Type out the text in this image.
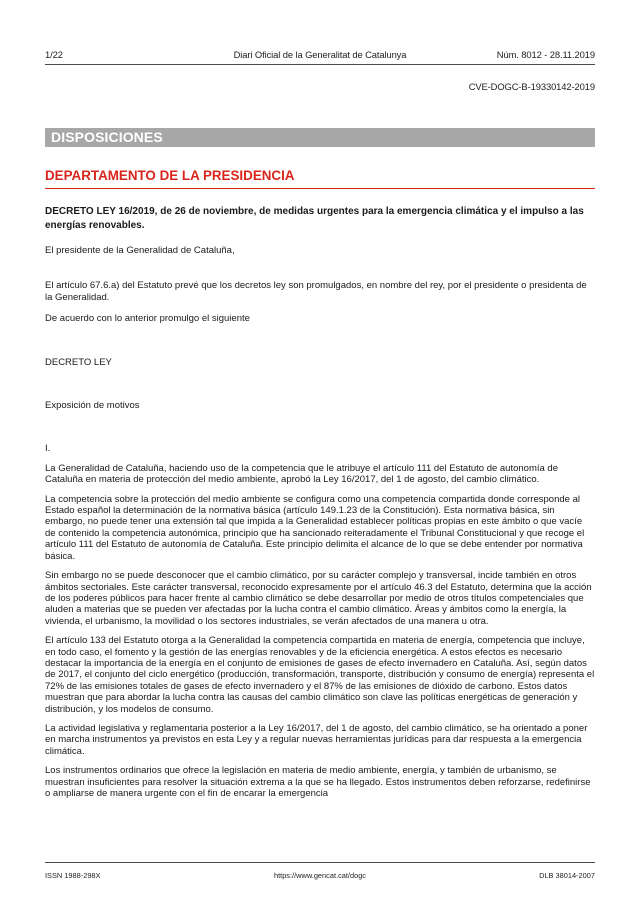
1/22	Diari Oficial de la Generalitat de Catalunya	Núm. 8012 - 28.11.2019
CVE-DOGC-B-19330142-2019
DISPOSICIONES
DEPARTAMENTO DE LA PRESIDENCIA

DECRETO LEY 16/2019, de 26 de noviembre, de medidas urgentes para la emergencia climática y el impulso a las energías renovables.

El presidente de la Generalidad de Cataluña,

El artículo 67.6.a) del Estatuto prevé que los decretos ley son promulgados, en nombre del rey, por el presidente o presidenta de la Generalidad.

De acuerdo con lo anterior promulgo el siguiente

DECRETO LEY

Exposición de motivos

I.

La Generalidad de Cataluña, haciendo uso de la competencia que le atribuye el artículo 111 del Estatuto de autonomía de Cataluña en materia de protección del medio ambiente, aprobó la Ley 16/2017, del 1 de agosto, del cambio climático.

La competencia sobre la protección del medio ambiente se configura como una competencia compartida donde corresponde al Estado español la determinación de la normativa básica (artículo 149.1.23 de la Constitución). Esta normativa básica, sin embargo, no puede tener una extensión tal que impida a la Generalidad establecer políticas propias en este ámbito o que vacíe de contenido la competencia autonómica, principio que ha sancionado reiteradamente el Tribunal Constitucional y que recoge el artículo 111 del Estatuto de autonomía de Cataluña. Este principio delimita el alcance de lo que se debe entender por normativa básica.

Sin embargo no se puede desconocer que el cambio climático, por su carácter complejo y transversal, incide también en otros ámbitos sectoriales. Este carácter transversal, reconocido expresamente por el artículo 46.3 del Estatuto, determina que la acción de los poderes públicos para hacer frente al cambio climático se debe desarrollar por medio de otros títulos competenciales que aluden a materias que se pueden ver afectadas por la lucha contra el cambio climático. Áreas y ámbitos como la energía, la vivienda, el urbanismo, la movilidad o los sectores industriales, se verán afectados de una manera u otra.

El artículo 133 del Estatuto otorga a la Generalidad la competencia compartida en materia de energía, competencia que incluye, en todo caso, el fomento y la gestión de las energías renovables y de la eficiencia energética. A estos efectos es necesario destacar la importancia de la energía en el conjunto de emisiones de gases de efecto invernadero en Cataluña. Así, según datos de 2017, el conjunto del ciclo energético (producción, transformación, transporte, distribución y consumo de energía) representa el 72% de las emisiones totales de gases de efecto invernadero y el 87% de las emisiones de dióxido de carbono. Estos datos muestran que para abordar la lucha contra las causas del cambio climático son clave las políticas energéticas de generación y distribución, y los modelos de consumo.

La actividad legislativa y reglamentaria posterior a la Ley 16/2017, del 1 de agosto, del cambio climático, se ha orientado a poner en marcha instrumentos ya previstos en esta Ley y a regular nuevas herramientas jurídicas para dar respuesta a la emergencia climática.

Los instrumentos ordinarios que ofrece la legislación en materia de medio ambiente, energía, y también de urbanismo, se muestran insuficientes para resolver la situación extrema a la que se ha llegado. Estos instrumentos deben reforzarse, redefinirse o ampliarse de manera urgente con el fin de encarar la emergencia

ISSN 1988-298X	https://www.gencat.cat/dogc	DLB 38014-2007
